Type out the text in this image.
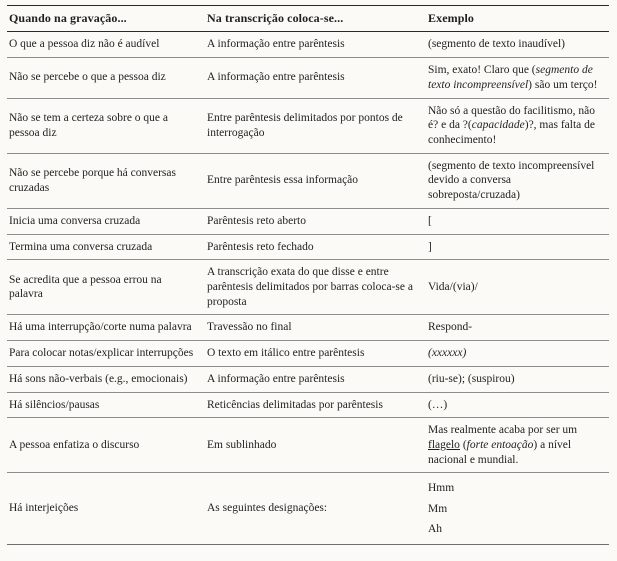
Quando na gravação...	Na transcrição coloca-se...	Exemplo
O que a pessoa diz não é audível	A informação entre parêntesis	(segmento de texto inaudível)
Não se percebe o que a pessoa diz	A informação entre parêntesis	Sim, exato! Claro que (segmento de texto incompreensível) são um terço!
Não se tem a certeza sobre o que a pessoa diz	Entre parêntesis delimitados por pontos de interrogação	Não só a questão do facilitismo, não é? e da ?(capacidade)?, mas falta de conhecimento!
Não se percebe porque há conversas cruzadas	Entre parêntesis essa informação	(segmento de texto incompreensível devido a conversa sobreposta/cruzada)
Inicia uma conversa cruzada	Parêntesis reto aberto	[
Termina uma conversa cruzada	Parêntesis reto fechado	]
Se acredita que a pessoa errou na palavra	A transcrição exata do que disse e entre parêntesis delimitados por barras coloca-se a proposta	Vida/(via)/
Há uma interrupção/corte numa palavra	Travessão no final	Respond-
Para colocar notas/explicar interrupções	O texto em itálico entre parêntesis	(xxxxxx)
Há sons não-verbais (e.g., emocionais)	A informação entre parêntesis	(riu-se); (suspirou)
Há silêncios/pausas	Reticências delimitadas por parêntesis	(…)
A pessoa enfatiza o discurso	Em sublinhado	Mas realmente acaba por ser um flagelo (forte entoação) a nível nacional e mundial.
Há interjeições	As seguintes designações:	Hmm
Mm
Ah
